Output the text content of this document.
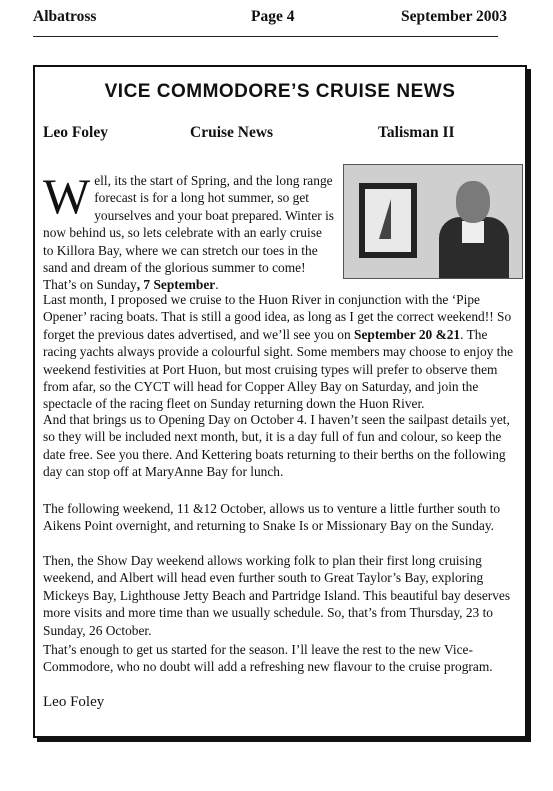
Albatross	Page 4	September 2003
VICE COMMODORE’S CRUISE NEWS
Leo Foley	Cruise News	Talisman II

Well, its the start of Spring, and the long range forecast is for a long hot summer, so get yourselves and your boat prepared. Winter is now behind us, so lets celebrate with an early cruise to Killora Bay, where we can stretch our toes in the sand and dream of the glorious summer to come! That’s on Sunday, 7 September.

Last month, I proposed we cruise to the Huon River in conjunction with the ‘Pipe Opener’ racing boats. That is still a good idea, as long as I get the correct weekend!! So forget the previous dates advertised, and we’ll see you on September 20 &21. The racing yachts always provide a colourful sight. Some members may choose to enjoy the weekend festivities at Port Huon, but most cruising types will prefer to observe them from afar, so the CYCT will head for Copper Alley Bay on Saturday, and join the spectacle of the racing fleet on Sunday returning down the Huon River.

And that brings us to Opening Day on October 4. I haven’t seen the sailpast details yet, so they will be included next month, but, it is a day full of fun and colour, so keep the date free. See you there. And Kettering boats returning to their berths on the following day can stop off at MaryAnne Bay for lunch.

The following weekend, 11 &12 October, allows us to venture a little further south to Aikens Point overnight, and returning to Snake Is or Missionary Bay on the Sunday.

Then, the Show Day weekend allows working folk to plan their first long cruising weekend, and Albert will head even further south to Great Taylor’s Bay, exploring Mickeys Bay, Lighthouse Jetty Beach and Partridge Island. This beautiful bay deserves more visits and more time than we usually schedule. So, that’s from Thursday, 23 to Sunday, 26 October.

That’s enough to get us started for the season. I’ll leave the rest to the new Vice-Commodore, who no doubt will add a refreshing new flavour to the cruise program.

Leo Foley
